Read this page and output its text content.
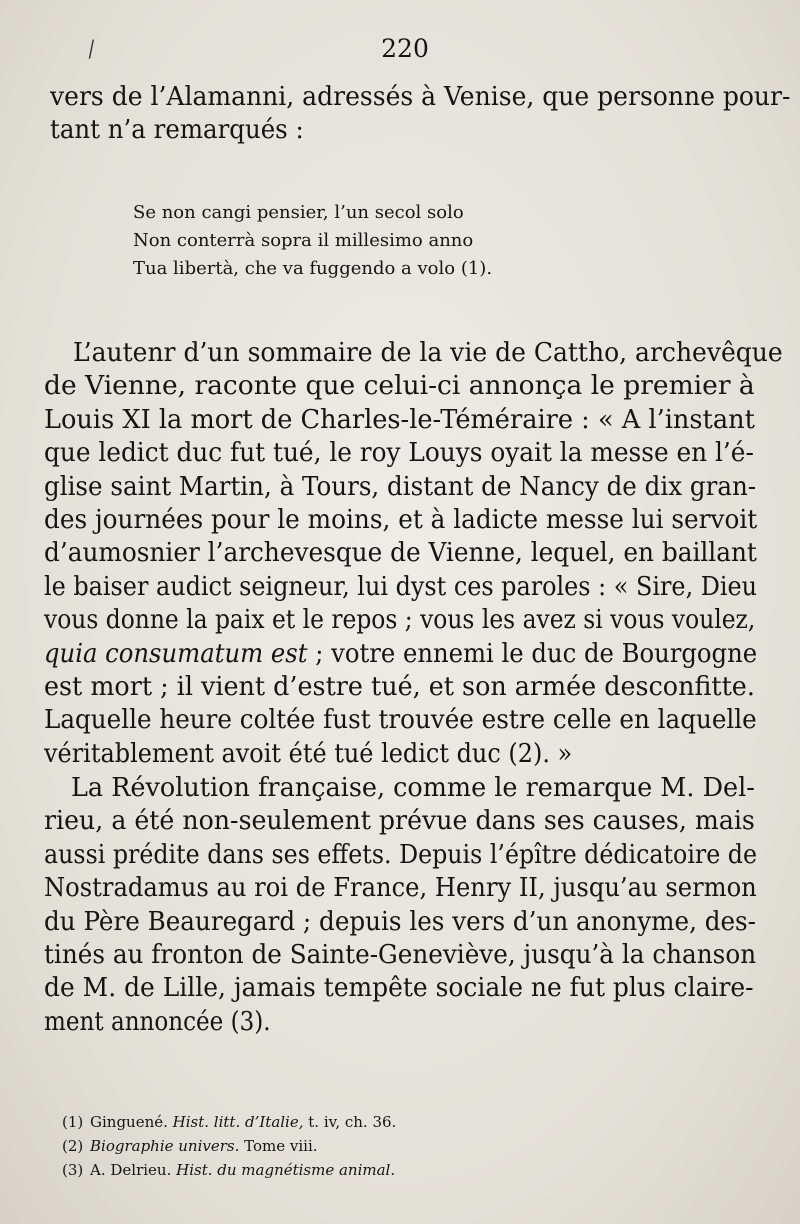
⁄	220
vers de l’Alamanni, adressés à Venise, que personne pour-
tant n’a remarqués :
Se non cangi pensier, l’un secol solo
Non conterrà sopra il millesimo anno
Tua libertà, che va fuggendo a volo (1).
L’autenr d’un sommaire de la vie de Cattho, archevêque
de Vienne, raconte que celui-ci annonça le premier à
Louis XI la mort de Charles-le-Téméraire : « A l’instant
que ledict duc fut tué, le roy Louys oyait la messe en l’é-
glise saint Martin, à Tours, distant de Nancy de dix gran-
des journées pour le moins, et à ladicte messe lui servoit
d’aumosnier l’archevesque de Vienne, lequel, en baillant
le baiser audict seigneur, lui dyst ces paroles : « Sire, Dieu
vous donne la paix et le repos ; vous les avez si vous voulez,
quia consumatum est ; votre ennemi le duc de Bourgogne
est mort ; il vient d’estre tué, et son armée desconfitte.
Laquelle heure coltée fust trouvée estre celle en laquelle
véritablement avoit été tué ledict duc (2). »
La Révolution française, comme le remarque M. Del-
rieu, a été non-seulement prévue dans ses causes, mais
aussi prédite dans ses effets. Depuis l’épître dédicatoire de
Nostradamus au roi de France, Henry II, jusqu’au sermon
du Père Beauregard ; depuis les vers d’un anonyme, des-
tinés au fronton de Sainte-Geneviève, jusqu’à la chanson
de M. de Lille, jamais tempête sociale ne fut plus claire-
ment annoncée (3).
(1) Ginguené. Hist. litt. d’Italie, t. iv, ch. 36.
(2) Biographie univers. Tome viii.
(3) A. Delrieu. Hist. du magnétisme animal.
